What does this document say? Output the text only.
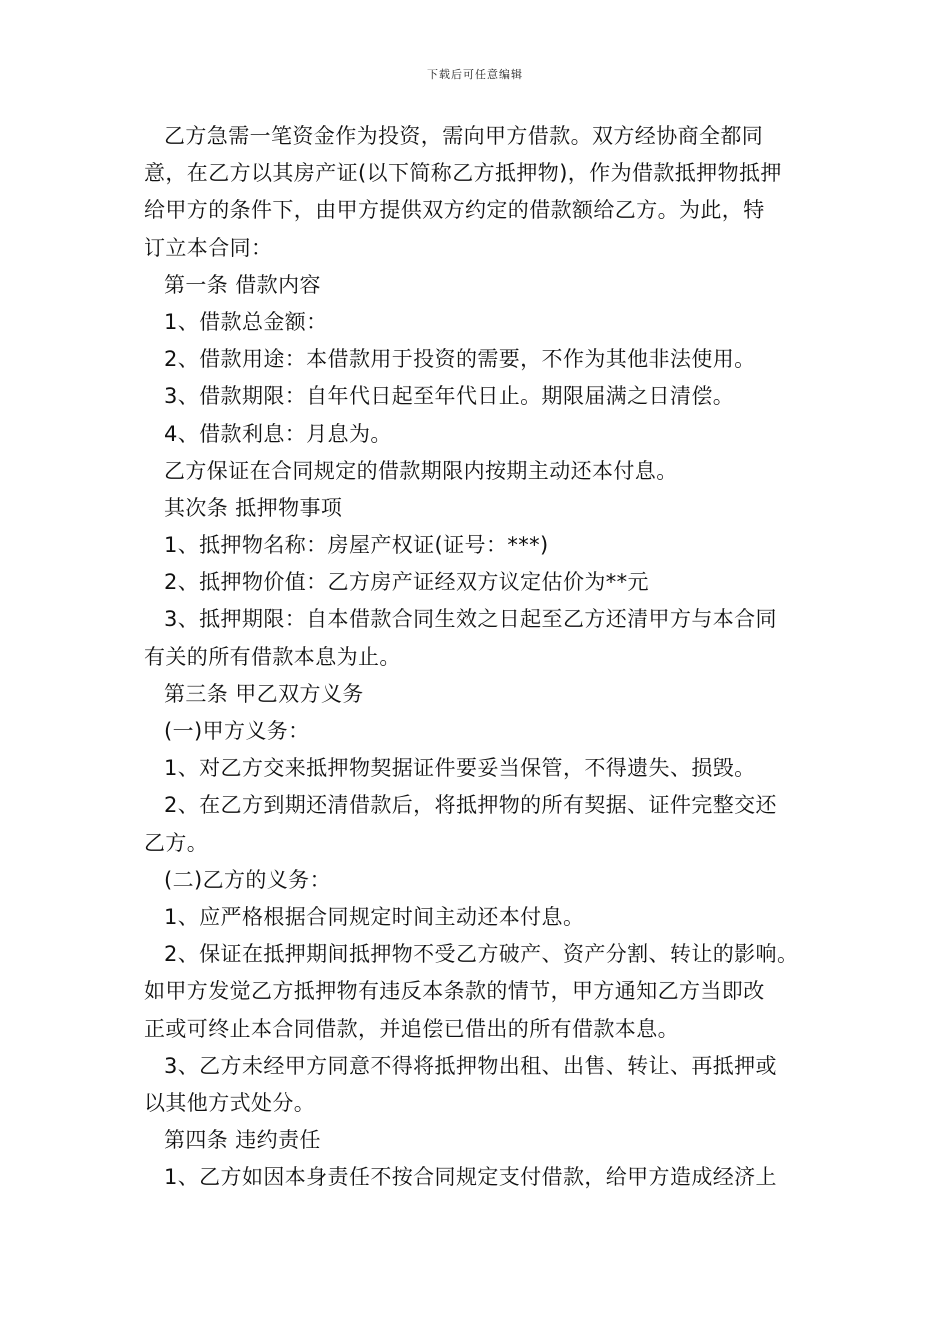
下载后可任意编辑
乙方急需一笔资金作为投资，需向甲方借款。双方经协商全都同
意，在乙方以其房产证(以下简称乙方抵押物)，作为借款抵押物抵押
给甲方的条件下，由甲方提供双方约定的借款额给乙方。为此，特
订立本合同：
第一条 借款内容
1、借款总金额：
2、借款用途：本借款用于投资的需要，不作为其他非法使用。
3、借款期限：自年代日起至年代日止。期限届满之日清偿。
4、借款利息：月息为。
乙方保证在合同规定的借款期限内按期主动还本付息。
其次条 抵押物事项
1、抵押物名称：房屋产权证(证号：***)
2、抵押物价值：乙方房产证经双方议定估价为**元
3、抵押期限：自本借款合同生效之日起至乙方还清甲方与本合同
有关的所有借款本息为止。
第三条 甲乙双方义务
(一)甲方义务：
1、对乙方交来抵押物契据证件要妥当保管，不得遗失、损毁。
2、在乙方到期还清借款后，将抵押物的所有契据、证件完整交还
乙方。
(二)乙方的义务：
1、应严格根据合同规定时间主动还本付息。
2、保证在抵押期间抵押物不受乙方破产、资产分割、转让的影响。
如甲方发觉乙方抵押物有违反本条款的情节，甲方通知乙方当即改
正或可终止本合同借款，并追偿已借出的所有借款本息。
3、乙方未经甲方同意不得将抵押物出租、出售、转让、再抵押或
以其他方式处分。
第四条 违约责任
1、乙方如因本身责任不按合同规定支付借款，给甲方造成经济上
